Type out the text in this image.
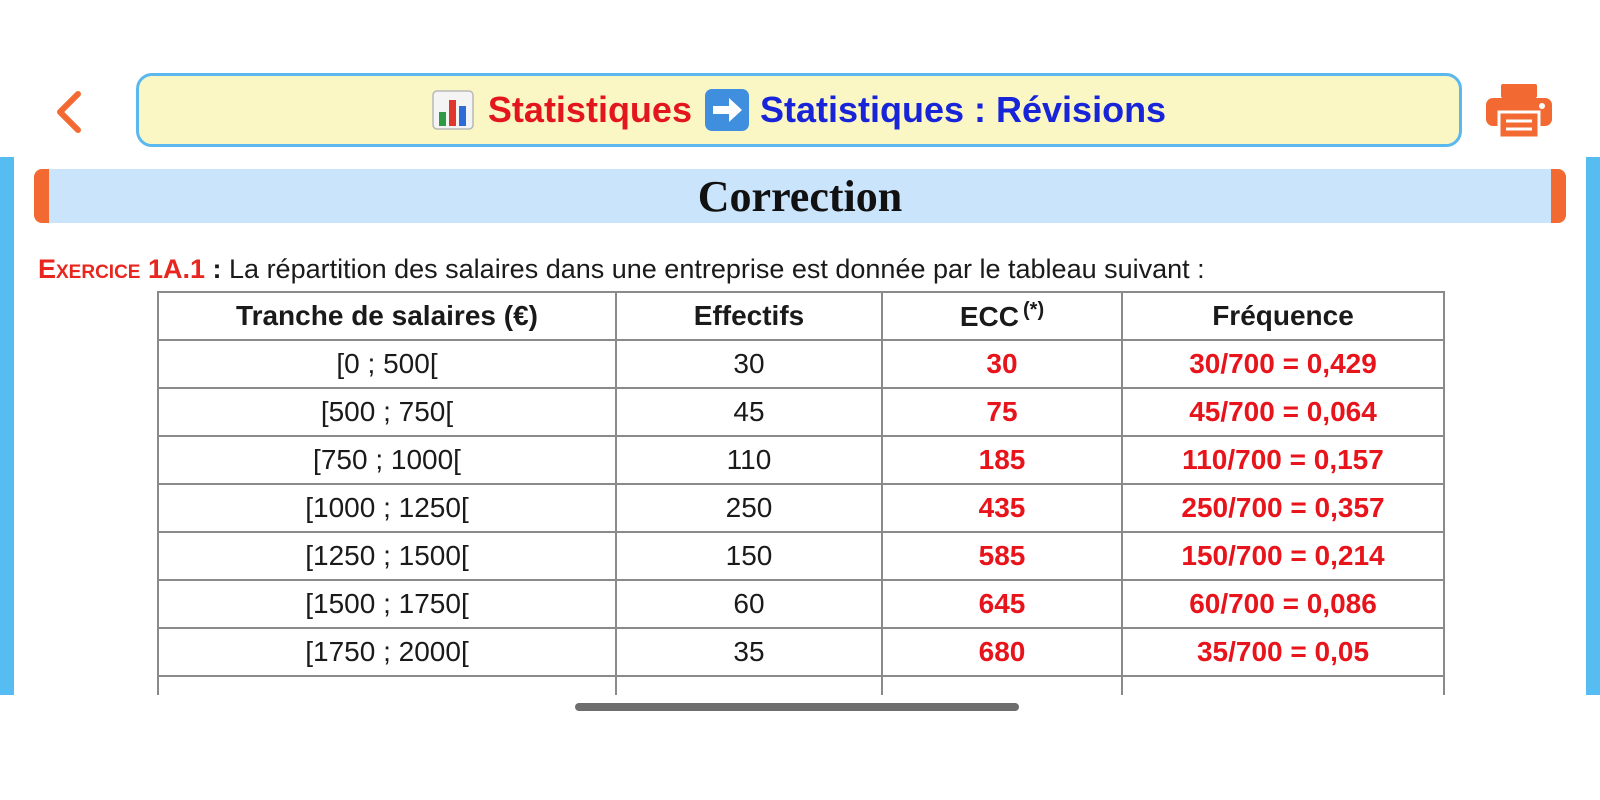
Statistiques Statistiques : Révisions
Correction
Exercice 1A.1 : La répartition des salaires dans une entreprise est donnée par le tableau suivant :
Tranche de salaires (€)	Effectifs	ECC (*)	Fréquence
[0 ; 500[	30	30	30/700 = 0,429
[500 ; 750[	45	75	45/700 = 0,064
[750 ; 1000[	110	185	110/700 = 0,157
[1000 ; 1250[	250	435	250/700 = 0,357
[1250 ; 1500[	150	585	150/700 = 0,214
[1500 ; 1750[	60	645	60/700 = 0,086
[1750 ; 2000[	35	680	35/700 = 0,05
